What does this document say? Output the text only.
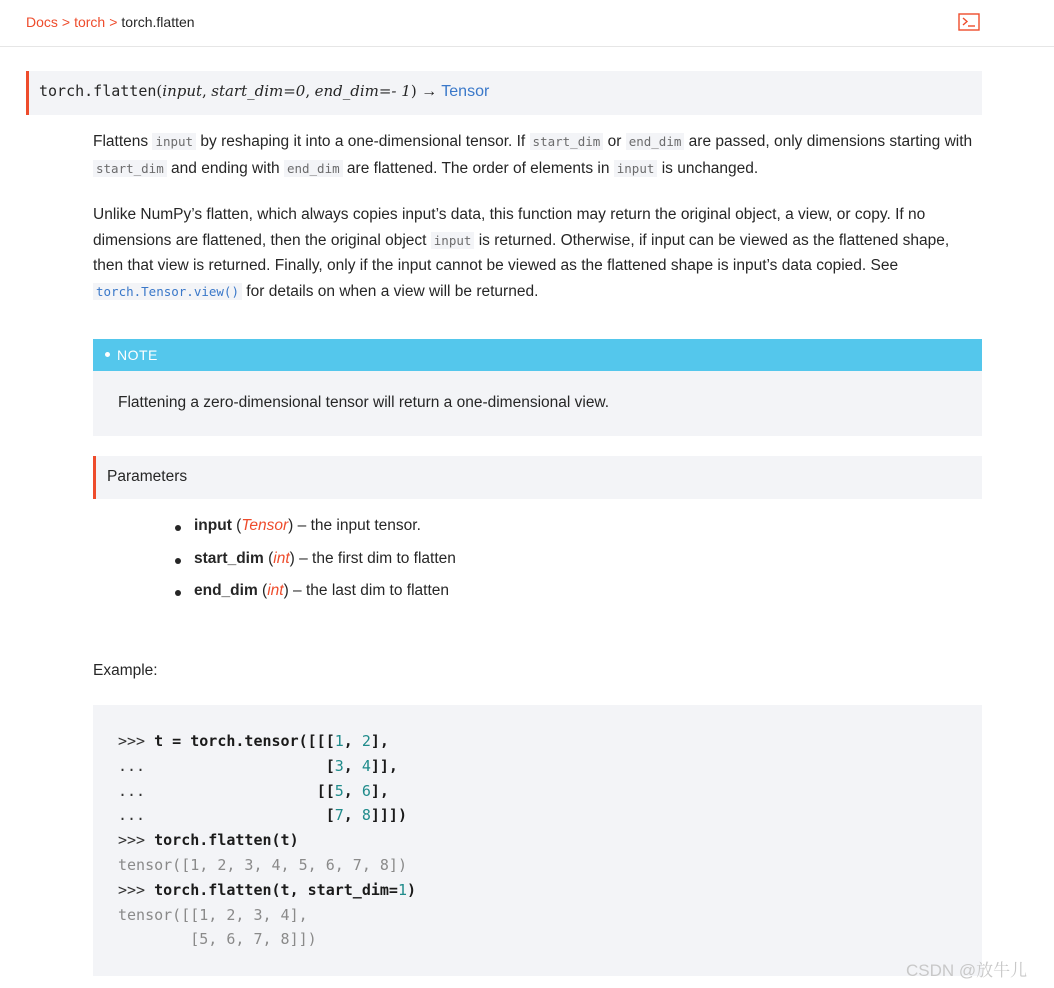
Docs > torch > torch.flatten
torch.flatten(input, start_dim=0, end_dim=- 1) → Tensor
Flattens input by reshaping it into a one-dimensional tensor. If start_dim or end_dim are passed, only dimensions starting with start_dim and ending with end_dim are flattened. The order of elements in input is unchanged.
Unlike NumPy’s flatten, which always copies input’s data, this function may return the original object, a view, or copy. If no dimensions are flattened, then the original object input is returned. Otherwise, if input can be viewed as the flattened shape, then that view is returned. Finally, only if the input cannot be viewed as the flattened shape is input’s data copied. See torch.Tensor.view() for details on when a view will be returned.
NOTE
Flattening a zero-dimensional tensor will return a one-dimensional view.
Parameters
input (Tensor) – the input tensor.
start_dim (int) – the first dim to flatten
end_dim (int) – the last dim to flatten
Example:
>>> t = torch.tensor([[[1, 2],
...                    [3, 4]],
...                   [[5, 6],
...                    [7, 8]]])
>>> torch.flatten(t)
tensor([1, 2, 3, 4, 5, 6, 7, 8])
>>> torch.flatten(t, start_dim=1)
tensor([[1, 2, 3, 4],
[5, 6, 7, 8]])
CSDN @放牛儿
